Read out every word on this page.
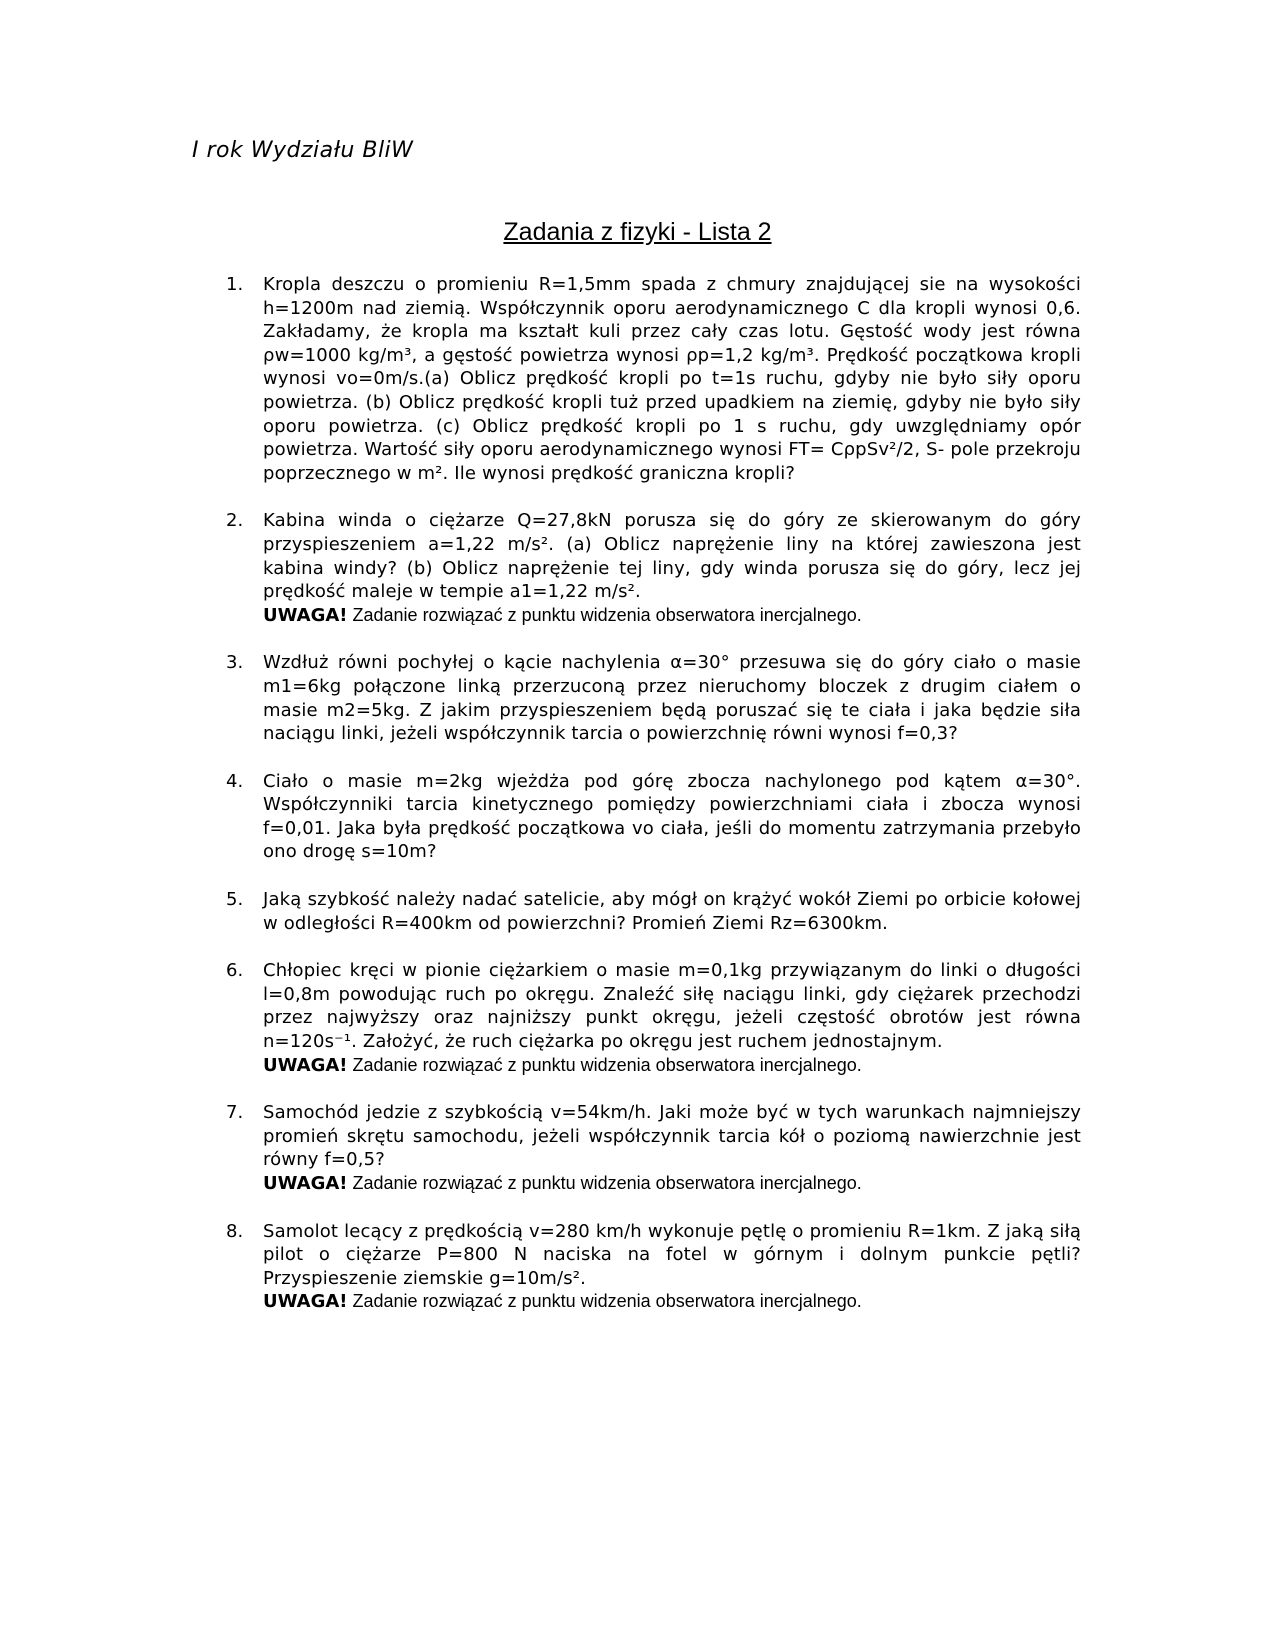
I rok Wydziału BliW
Zadania z fizyki - Lista 2
1. Kropla deszczu o promieniu R=1,5mm spada z chmury znajdującej sie na wysokości h=1200m nad ziemią. Współczynnik oporu aerodynamicznego C dla kropli wynosi 0,6. Zakładamy, że kropla ma kształt kuli przez cały czas lotu. Gęstość wody jest równa ρw=1000 kg/m³, a gęstość powietrza wynosi ρp=1,2 kg/m³. Prędkość początkowa kropli wynosi vo=0m/s.(a) Oblicz prędkość kropli po t=1s ruchu, gdyby nie było siły oporu powietrza. (b) Oblicz prędkość kropli tuż przed upadkiem na ziemię, gdyby nie było siły oporu powietrza. (c) Oblicz prędkość kropli po 1 s ruchu, gdy uwzględniamy opór powietrza. Wartość siły oporu aerodynamicznego wynosi FT= CρpSv²/2, S- pole przekroju poprzecznego w m². Ile wynosi prędkość graniczna kropli?

2. Kabina winda o ciężarze Q=27,8kN porusza się do góry ze skierowanym do góry przyspieszeniem a=1,22 m/s². (a) Oblicz naprężenie liny na której zawieszona jest kabina windy? (b) Oblicz naprężenie tej liny, gdy winda porusza się do góry, lecz jej prędkość maleje w tempie a1=1,22 m/s².

UWAGA! Zadanie rozwiązać z punktu widzenia obserwatora inercjalnego.

3. Wzdłuż równi pochyłej o kącie nachylenia α=30° przesuwa się do góry ciało o masie m1=6kg połączone linką przerzuconą przez nieruchomy bloczek z drugim ciałem o masie m2=5kg. Z jakim przyspieszeniem będą poruszać się te ciała i jaka będzie siła naciągu linki, jeżeli współczynnik tarcia o powierzchnię równi wynosi f=0,3?

4. Ciało o masie m=2kg wjeżdża pod górę zbocza nachylonego pod kątem α=30°. Współczynniki tarcia kinetycznego pomiędzy powierzchniami ciała i zbocza wynosi f=0,01. Jaka była prędkość początkowa vo ciała, jeśli do momentu zatrzymania przebyło ono drogę s=10m?

5. Jaką szybkość należy nadać satelicie, aby mógł on krążyć wokół Ziemi po orbicie kołowej w odległości R=400km od powierzchni? Promień Ziemi Rz=6300km.

6. Chłopiec kręci w pionie ciężarkiem o masie m=0,1kg przywiązanym do linki o długości l=0,8m powodując ruch po okręgu. Znaleźć siłę naciągu linki, gdy ciężarek przechodzi przez najwyższy oraz najniższy punkt okręgu, jeżeli częstość obrotów jest równa n=120s⁻¹. Założyć, że ruch ciężarka po okręgu jest ruchem jednostajnym.

UWAGA! Zadanie rozwiązać z punktu widzenia obserwatora inercjalnego.

7. Samochód jedzie z szybkością v=54km/h. Jaki może być w tych warunkach najmniejszy promień skrętu samochodu, jeżeli współczynnik tarcia kół o poziomą nawierzchnie jest równy f=0,5?

UWAGA! Zadanie rozwiązać z punktu widzenia obserwatora inercjalnego.

8. Samolot lecący z prędkością v=280 km/h wykonuje pętlę o promieniu R=1km. Z jaką siłą pilot o ciężarze P=800 N naciska na fotel w górnym i dolnym punkcie pętli? Przyspieszenie ziemskie g=10m/s².

UWAGA! Zadanie rozwiązać z punktu widzenia obserwatora inercjalnego.
